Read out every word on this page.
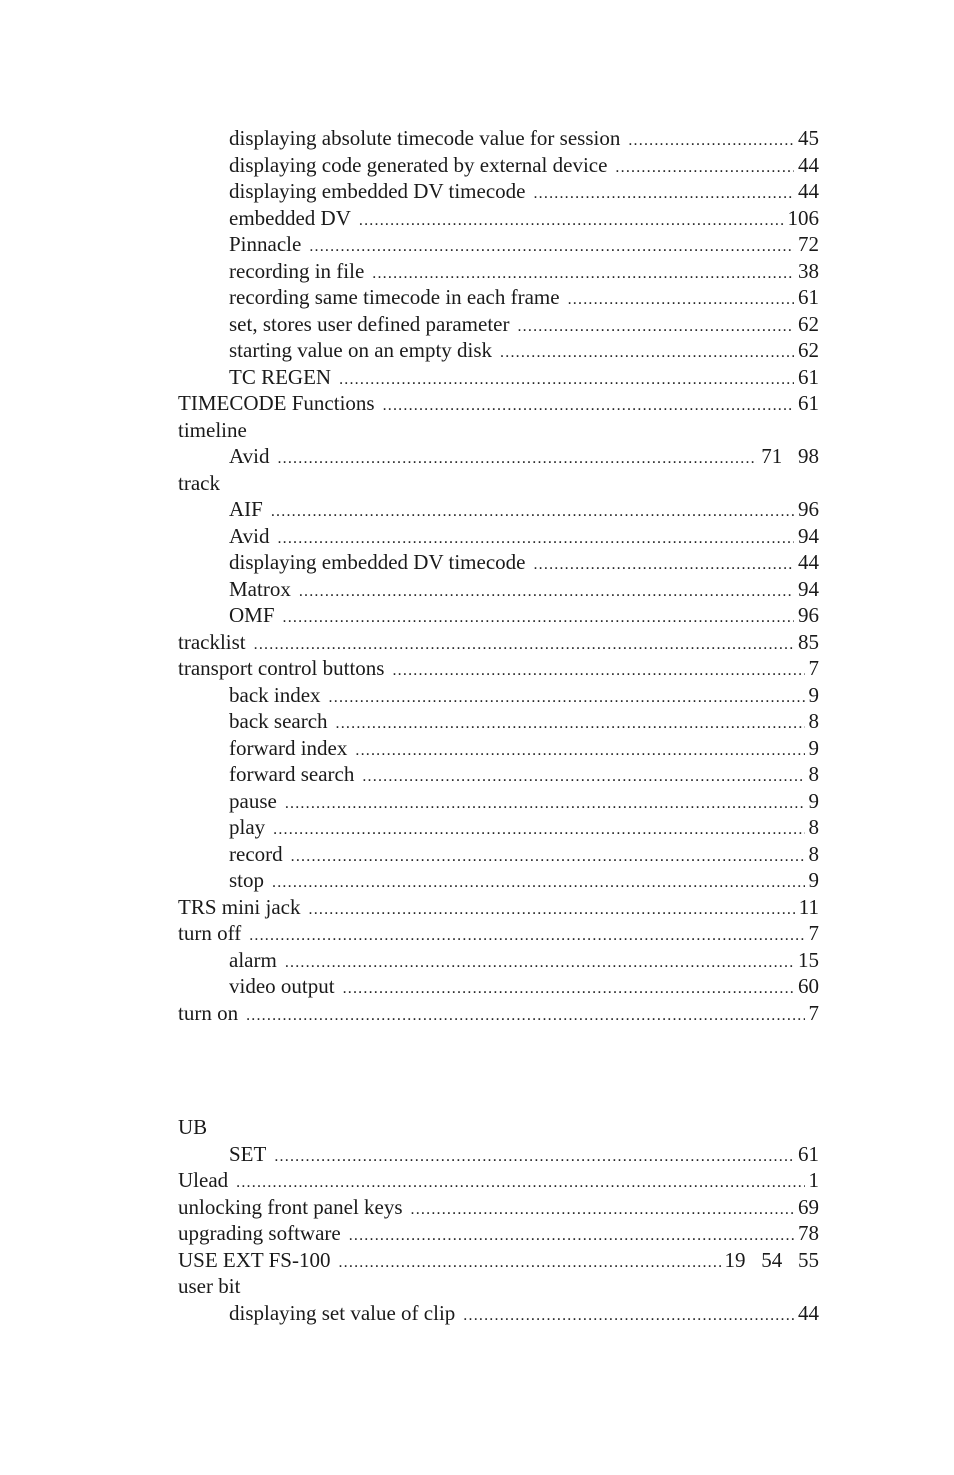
displaying absolute timecode value for session .....	45
displaying code generated by external device .....	44
displaying embedded DV timecode .....	44
embedded DV .....	106
Pinnacle .....	72
recording in file .....	38
recording same timecode in each frame .....	61
set, stores user defined parameter .....	62
starting value on an empty disk .....	62
TC REGEN .....	61
TIMECODE Functions .....	61
timeline
Avid .....	71   98
track
AIF .....	96
Avid .....	94
displaying embedded DV timecode .....	44
Matrox .....	94
OMF .....	96
tracklist .....	85
transport control buttons .....	7
back index .....	9
back search .....	8
forward index .....	9
forward search .....	8
pause .....	9
play .....	8
record .....	8
stop .....	9
TRS mini jack .....	11
turn off .....	7
alarm .....	15
video output .....	60
turn on .....	7
UB
SET .....	61
Ulead .....	1
unlocking front panel keys .....	69
upgrading software .....	78
USE EXT FS-100 .....	19   54   55
user bit
displaying set value of clip .....	44
